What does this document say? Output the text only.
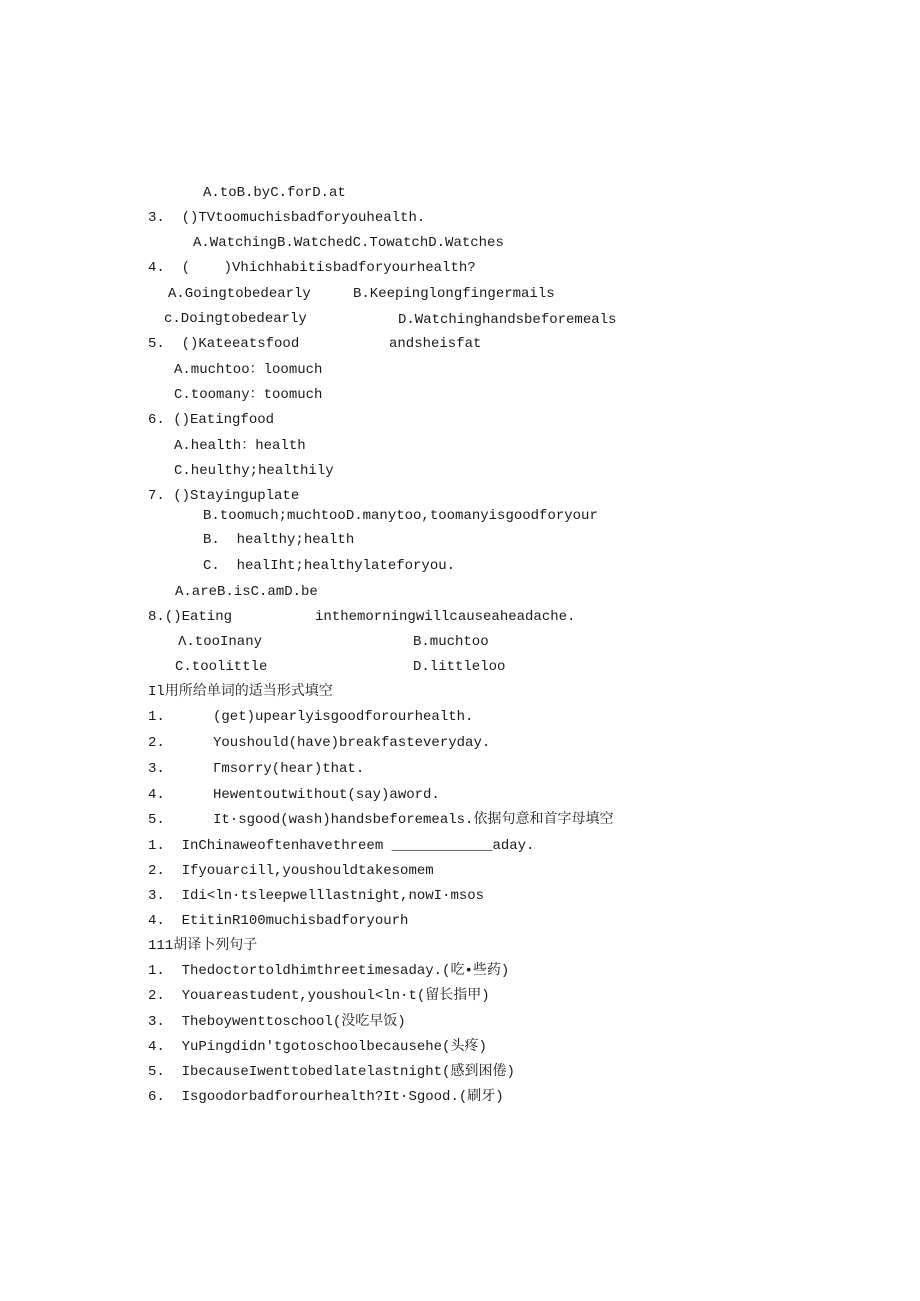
A.toB.byC.forD.at
3.  ()TVtoomuchisbadforyouhealth.
A.WatchingB.WatchedC.TowatchD.Watches
4.  (    )Vhichhabitisbadforyourhealth?
A.Goingtobedearly	B.Keepinglongfingermails
c.Doingtobedearly	D.Watchinghandsbeforemeals
5.  ()Kateeatsfood	andsheisfat
A.muchtoo：loomuch
C.toomany：toomuch
6. ()Eatingfood
A.health：health
C.heulthy;healthily
7. ()Stayinguplate
B.toomuch;muchtooD.manytoo,toomanyisgoodforyour
B.  healthy;health
C.  healIht;healthylateforyou.
A.areB.isC.amD.be
8.()Eating	inthemorningwillcauseaheadache.
Λ.tooInany	B.muchtoo
C.toolittle	D.littleloo
Il用所给单词的适当形式填空
1.	(get)upearlyisgoodforourhealth.
2.	Youshould(have)breakfasteveryday.
3.	Γmsorry(hear)that.
4.	Hewentoutwithout(say)aword.
5.	It·sgood(wash)handsbeforemeals.依据句意和首字母填空
1.  InChinaweoftenhavethreem ____________aday.
2.  Ifyouarcill,youshouldtakesomem
3.  Idi<ln·tsleepwelllastnight,nowI·msos
4.  EtitinR100muchisbadforyourh
111胡译卜列句子
1.  Thedoctortoldhimthreetimesaday.(吃•些药)
2.  Youareastudent,youshoul<ln·t(留长指甲)
3.  Theboywenttoschool(没吃早饭)
4.  YuPingdidn'tgotoschoolbecausehe(头疼)
5.  IbecauseIwenttobedlatelastnight(感到困倦)
6.  Isgoodorbadforourhealth?It·Sgood.(刷牙)
